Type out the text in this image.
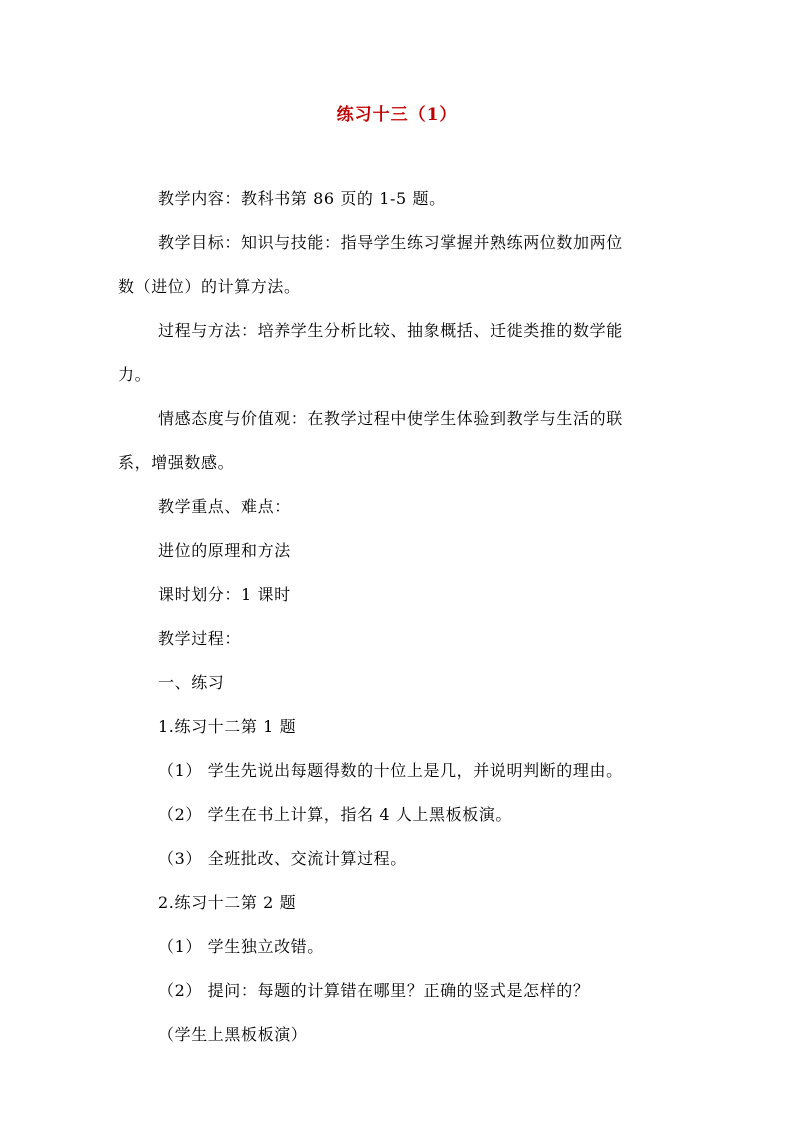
练习十三（1）
教学内容：教科书第 86 页的 1-5 题。
教学目标：知识与技能：指导学生练习掌握并熟练两位数加两位
数（进位）的计算方法。
过程与方法：培养学生分析比较、抽象概括、迁徙类推的数学能
力。
情感态度与价值观：在教学过程中使学生体验到教学与生活的联
系，增强数感。
教学重点、难点：
进位的原理和方法
课时划分：1 课时
教学过程：
一、练习
1.练习十二第 1 题
（1） 学生先说出每题得数的十位上是几，并说明判断的理由。
（2） 学生在书上计算，指名 4 人上黑板板演。
（3） 全班批改、交流计算过程。
2.练习十二第 2 题
（1） 学生独立改错。
（2） 提问：每题的计算错在哪里？正确的竖式是怎样的？
（学生上黑板板演）
